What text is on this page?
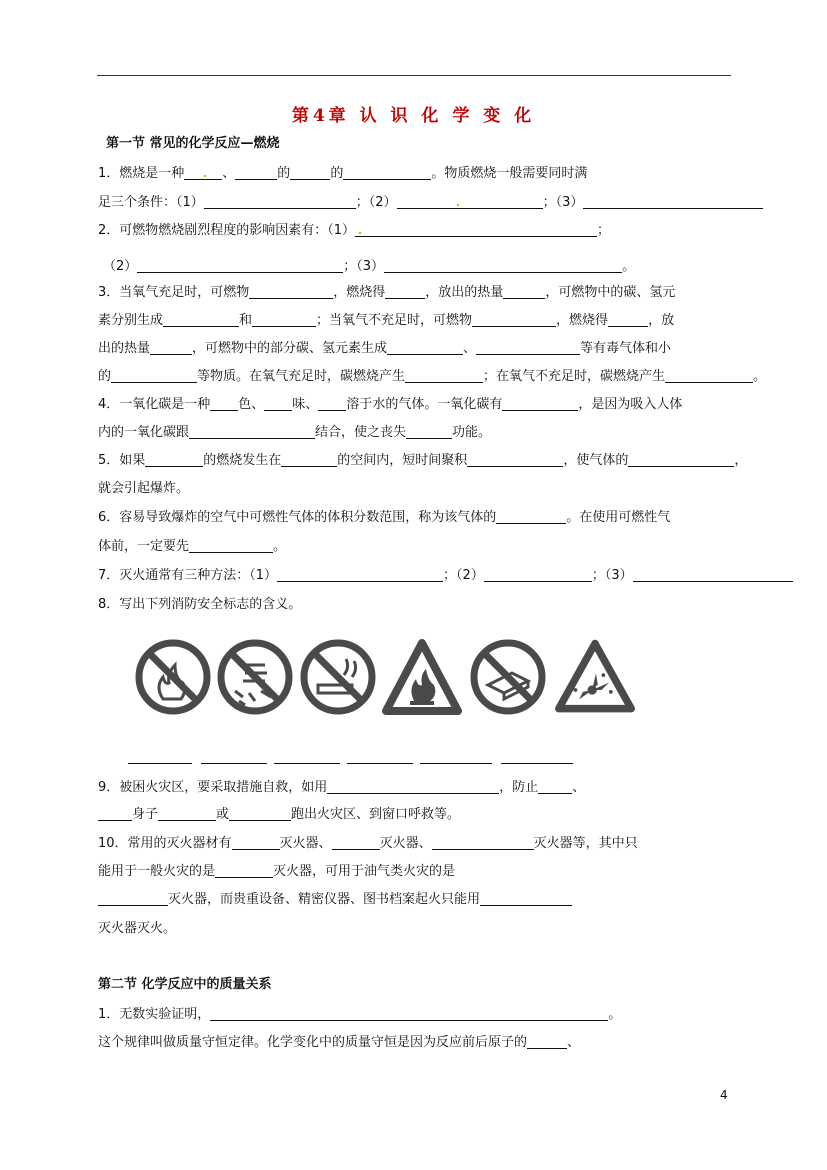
第4章 认 识 化 学 变 化
第一节 常见的化学反应—燃烧
1．燃烧是一种	、	的	的	。物质燃烧一般需要同时满
足三个条件：（1）	；（2）	；（3）
2．可燃物燃烧剧烈程度的影响因素有：（1）	；
（2）	；（3）	。
3．当氧气充足时，可燃物	，燃烧得	，放出的热量	，可燃物中的碳、氢元
素分别生成	和	；当氧气不充足时，可燃物	，燃烧得	，放
出的热量	，可燃物中的部分碳、氢元素生成	、	等有毒气体和小
的	等物质。在氧气充足时，碳燃烧产生	；在氧气不充足时，碳燃烧产生	。
4．一氧化碳是一种 色、 味、 溶于水的气体。一氧化碳有	，是因为吸入人体
内的一氧化碳跟	结合，使之丧失	功能。
5．如果	的燃烧发生在	的空间内，短时间聚积	，使气体的	，
就会引起爆炸。
6．容易导致爆炸的空气中可燃性气体的体积分数范围，称为该气体的	。在使用可燃性气
体前，一定要先	。
7．灭火通常有三种方法：（1）	；（2）	；（3）
8．写出下列消防安全标志的含义。
9．被困火灾区，要采取措施自救，如用	，防止	、
身子	或	跑出火灾区、到窗口呼救等。
10．常用的灭火器材有	灭火器、	灭火器、	灭火器等，其中只
能用于一般火灾的是	灭火器，可用于油气类火灾的是
灭火器，而贵重设备、精密仪器、图书档案起火只能用
灭火器灭火。
第二节 化学反应中的质量关系
1．无数实验证明，	。
这个规律叫做质量守恒定律。化学变化中的质量守恒是因为反应前后原子的	、
4
